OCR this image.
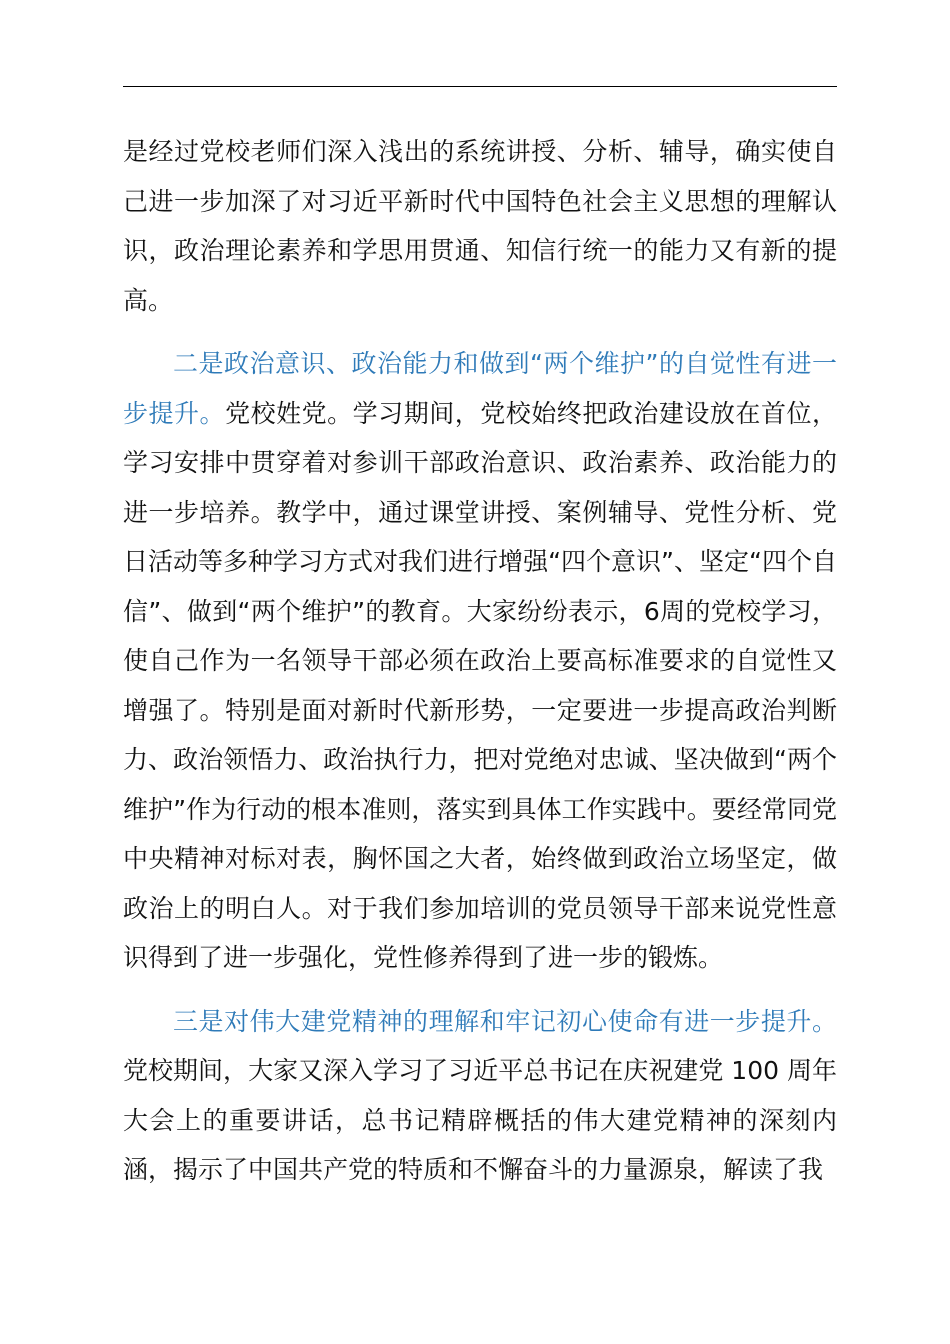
是经过党校老师们深入浅出的系统讲授、分析、辅导，确实使自己进一步加深了对习近平新时代中国特色社会主义思想的理解认识，政治理论素养和学思用贯通、知信行统一的能力又有新的提高。

二是政治意识、政治能力和做到“两个维护”的自觉性有进一步提升。党校姓党。学习期间，党校始终把政治建设放在首位，学习安排中贯穿着对参训干部政治意识、政治素养、政治能力的进一步培养。教学中，通过课堂讲授、案例辅导、党性分析、党日活动等多种学习方式对我们进行增强“四个意识”、坚定“四个自信”、做到“两个维护”的教育。大家纷纷表示，6周的党校学习，使自己作为一名领导干部必须在政治上要高标准要求的自觉性又增强了。特别是面对新时代新形势，一定要进一步提高政治判断力、政治领悟力、政治执行力，把对党绝对忠诚、坚决做到“两个维护”作为行动的根本准则，落实到具体工作实践中。要经常同党中央精神对标对表，胸怀国之大者，始终做到政治立场坚定，做政治上的明白人。对于我们参加培训的党员领导干部来说党性意识得到了进一步强化，党性修养得到了进一步的锻炼。

三是对伟大建党精神的理解和牢记初心使命有进一步提升。党校期间，大家又深入学习了习近平总书记在庆祝建党 100 周年大会上的重要讲话，总书记精辟概括的伟大建党精神的深刻内涵，揭示了中国共产党的特质和不懈奋斗的力量源泉，解读了我
